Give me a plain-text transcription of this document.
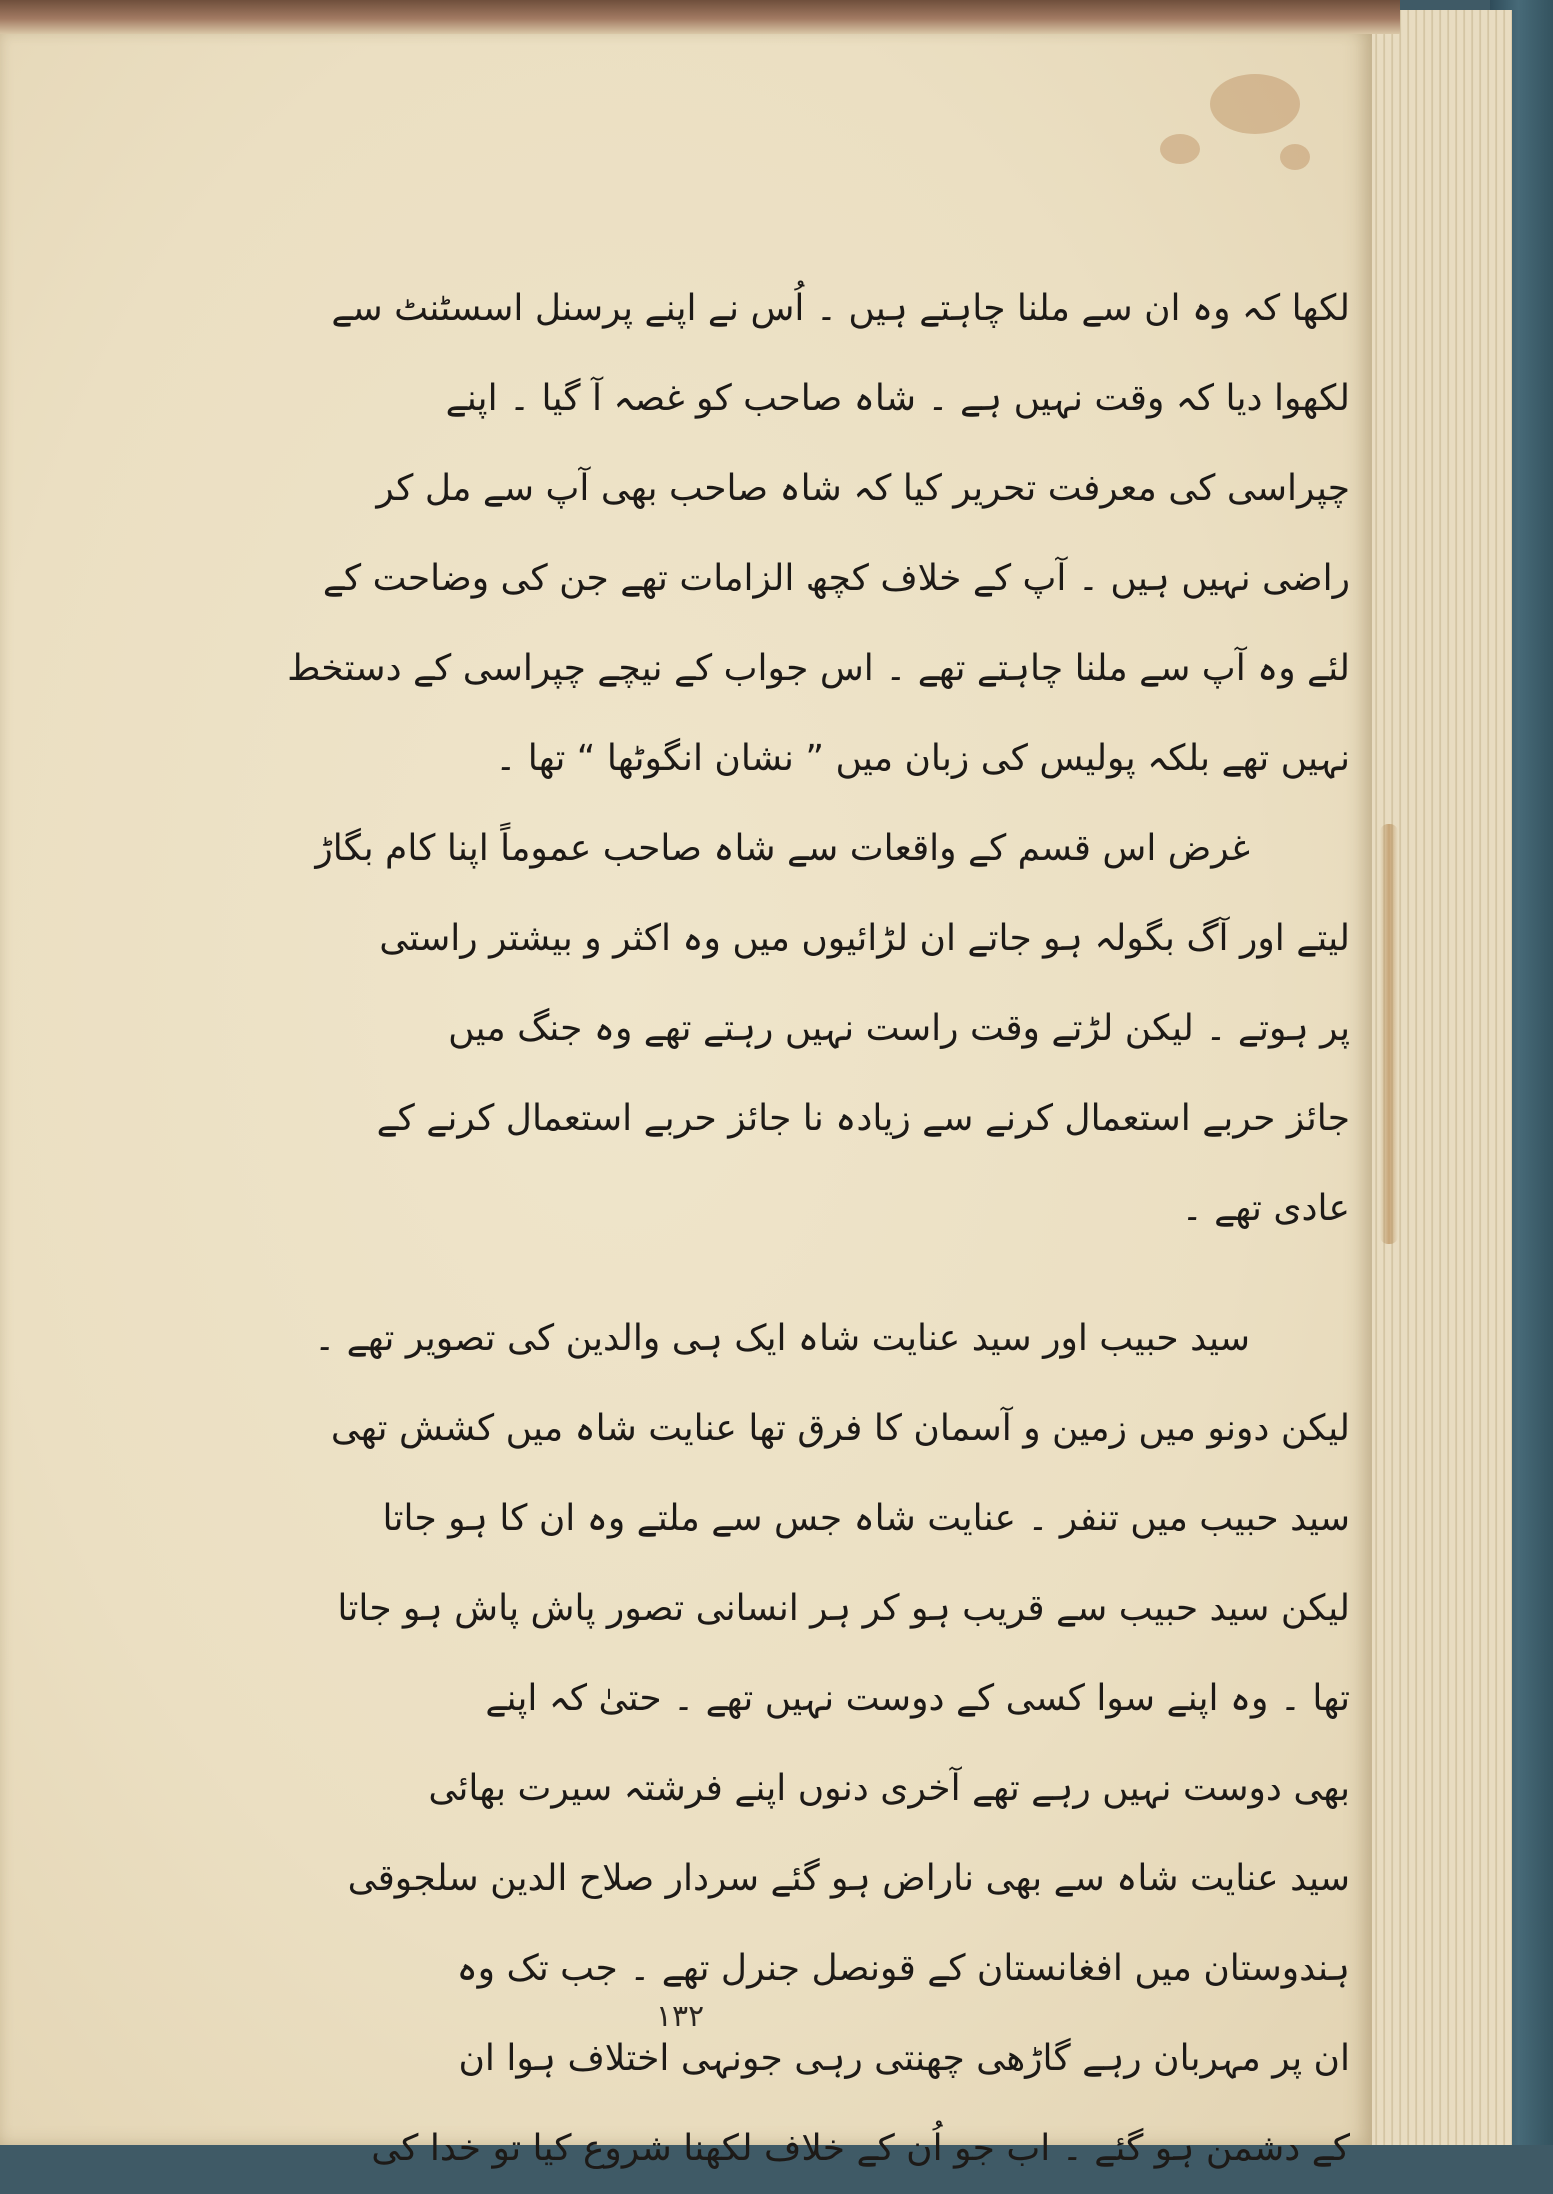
لکھا کہ وہ ان سے ملنا چاہتے ہیں ۔ اُس نے اپنے پرسنل اسسٹنٹ سے
لکھوا دیا کہ وقت نہیں ہے ۔ شاہ صاحب کو غصہ آ گیا ۔ اپنے
چپراسی کی معرفت تحریر کیا کہ شاہ صاحب بھی آپ سے مل کر
راضی نہیں ہیں ۔ آپ کے خلاف کچھ الزامات تھے جن کی وضاحت کے
لئے وہ آپ سے ملنا چاہتے تھے ۔ اس جواب کے نیچے چپراسی کے دستخط
نہیں تھے بلکہ پولیس کی زبان میں ” نشان انگوٹھا “ تھا ۔
غرض اس قسم کے واقعات سے شاہ صاحب عموماً اپنا کام بگاڑ
لیتے اور آگ بگولہ ہو جاتے ان لڑائیوں میں وہ اکثر و بیشتر راستی
پر ہوتے ۔ لیکن لڑتے وقت راست نہیں رہتے تھے وہ جنگ میں
جائز حربے استعمال کرنے سے زیادہ نا جائز حربے استعمال کرنے کے
عادی تھے ۔
سید حبیب اور سید عنایت شاہ ایک ہی والدین کی تصویر تھے ۔
لیکن دونو میں زمین و آسمان کا فرق تھا عنایت شاہ میں کشش تھی
سید حبیب میں تنفر ۔ عنایت شاہ جس سے ملتے وہ ان کا ہو جاتا
لیکن سید حبیب سے قریب ہو کر ہر انسانی تصور پاش پاش ہو جاتا
تھا ۔ وہ اپنے سوا کسی کے دوست نہیں تھے ۔ حتیٰ کہ اپنے
بھی دوست نہیں رہے تھے آخری دنوں اپنے فرشتہ سیرت بھائی
سید عنایت شاہ سے بھی ناراض ہو گئے سردار صلاح الدین سلجوقی
ہندوستان میں افغانستان کے قونصل جنرل تھے ۔ جب تک وہ
ان پر مہربان رہے گاڑھی چھنتی رہی جونہی اختلاف ہوا ان
کے دشمن ہو گئے ۔ اب جو اُن کے خلاف لکھنا شروع کیا تو خدا کی
۱۳۲
